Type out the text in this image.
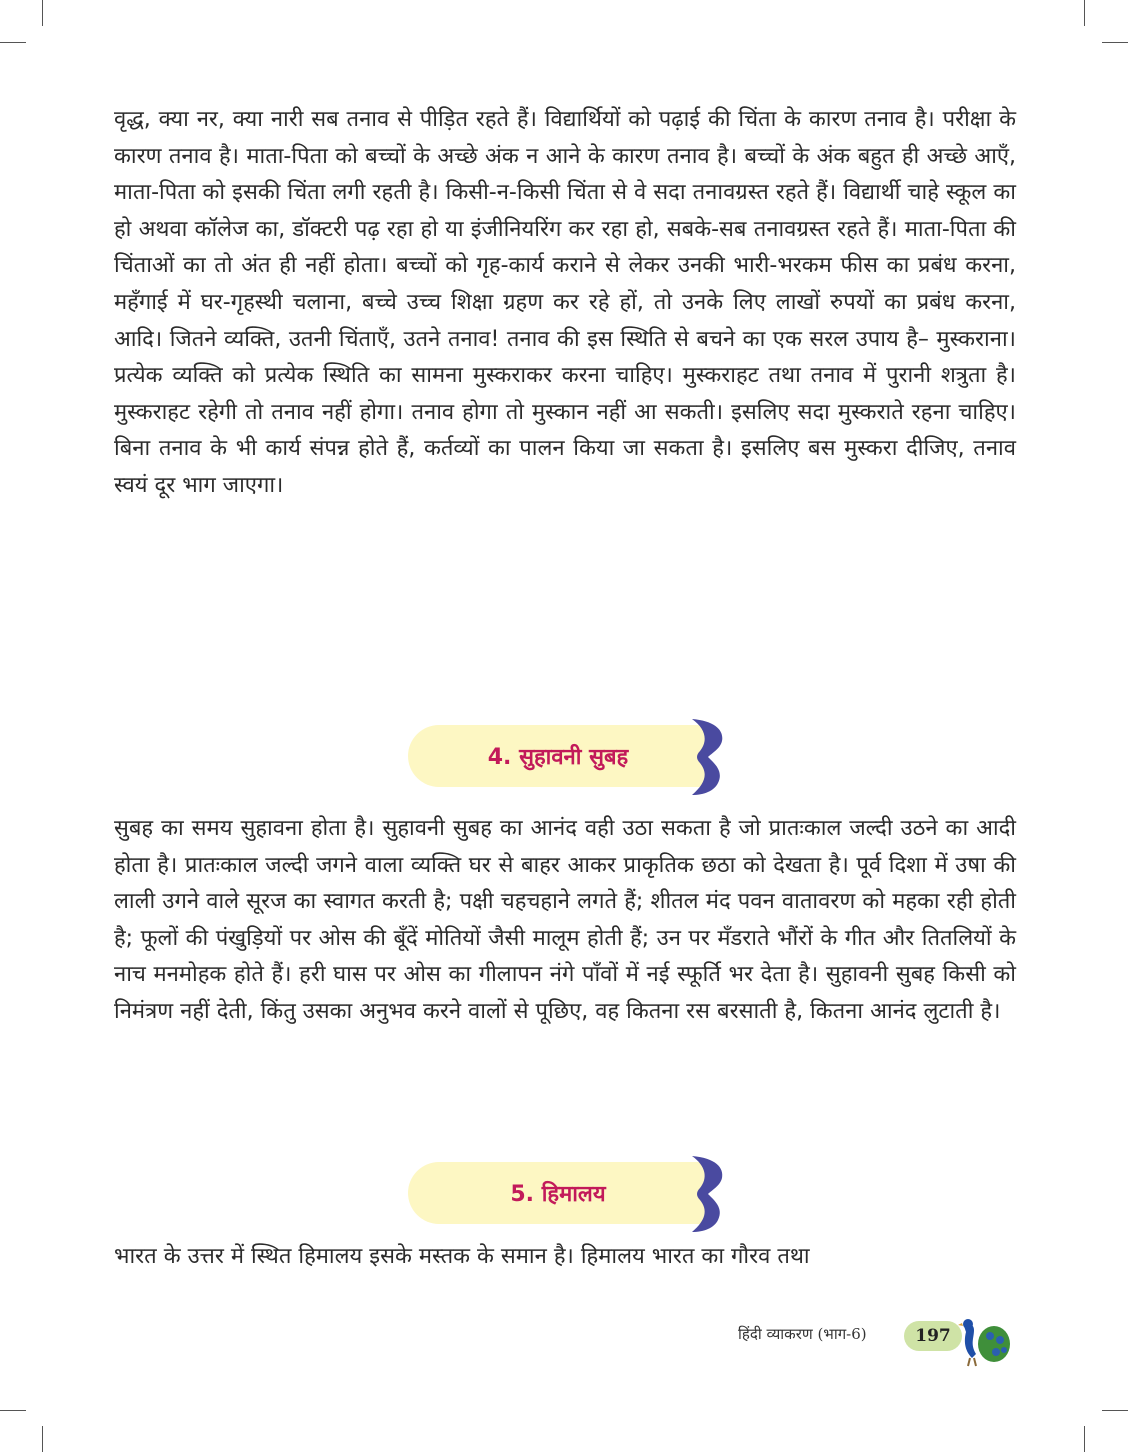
वृद्ध, क्या नर, क्या नारी सब तनाव से पीड़ित रहते हैं। विद्यार्थियों को पढ़ाई की चिंता के कारण तनाव है। परीक्षा के कारण तनाव है। माता-पिता को बच्चों के अच्छे अंक न आने के कारण तनाव है। बच्चों के अंक बहुत ही अच्छे आएँ, माता-पिता को इसकी चिंता लगी रहती है। किसी-न-किसी चिंता से वे सदा तनावग्रस्त रहते हैं। विद्यार्थी चाहे स्कूल का हो अथवा कॉलेज का, डॉक्टरी पढ़ रहा हो या इंजीनियरिंग कर रहा हो, सबके-सब तनावग्रस्त रहते हैं। माता-पिता की चिंताओं का तो अंत ही नहीं होता। बच्चों को गृह-कार्य कराने से लेकर उनकी भारी-भरकम फीस का प्रबंध करना, महँगाई में घर-गृहस्थी चलाना, बच्चे उच्च शिक्षा ग्रहण कर रहे हों, तो उनके लिए लाखों रुपयों का प्रबंध करना, आदि। जितने व्यक्ति, उतनी चिंताएँ, उतने तनाव! तनाव की इस स्थिति से बचने का एक सरल उपाय है– मुस्कराना। प्रत्येक व्यक्ति को प्रत्येक स्थिति का सामना मुस्कराकर करना चाहिए। मुस्कराहट तथा तनाव में पुरानी शत्रुता है। मुस्कराहट रहेगी तो तनाव नहीं होगा। तनाव होगा तो मुस्कान नहीं आ सकती। इसलिए सदा मुस्कराते रहना चाहिए। बिना तनाव के भी कार्य संपन्न होते हैं, कर्तव्यों का पालन किया जा सकता है। इसलिए बस मुस्करा दीजिए, तनाव स्वयं दूर भाग जाएगा।

4. सुहावनी सुबह

सुबह का समय सुहावना होता है। सुहावनी सुबह का आनंद वही उठा सकता है जो प्रातःकाल जल्दी उठने का आदी होता है। प्रातःकाल जल्दी जगने वाला व्यक्ति घर से बाहर आकर प्राकृतिक छठा को देखता है। पूर्व दिशा में उषा की लाली उगने वाले सूरज का स्वागत करती है; पक्षी चहचहाने लगते हैं; शीतल मंद पवन वातावरण को महका रही होती है; फूलों की पंखुड़ियों पर ओस की बूँदें मोतियों जैसी मालूम होती हैं; उन पर मँडराते भौंरों के गीत और तितलियों के नाच मनमोहक होते हैं। हरी घास पर ओस का गीलापन नंगे पाँवों में नई स्फूर्ति भर देता है। सुहावनी सुबह किसी को निमंत्रण नहीं देती, किंतु उसका अनुभव करने वालों से पूछिए, वह कितना रस बरसाती है, कितना आनंद लुटाती है।

5. हिमालय

भारत के उत्तर में स्थित हिमालय इसके मस्तक के समान है। हिमालय भारत का गौरव तथा

हिंदी व्याकरण (भाग-6)	197
